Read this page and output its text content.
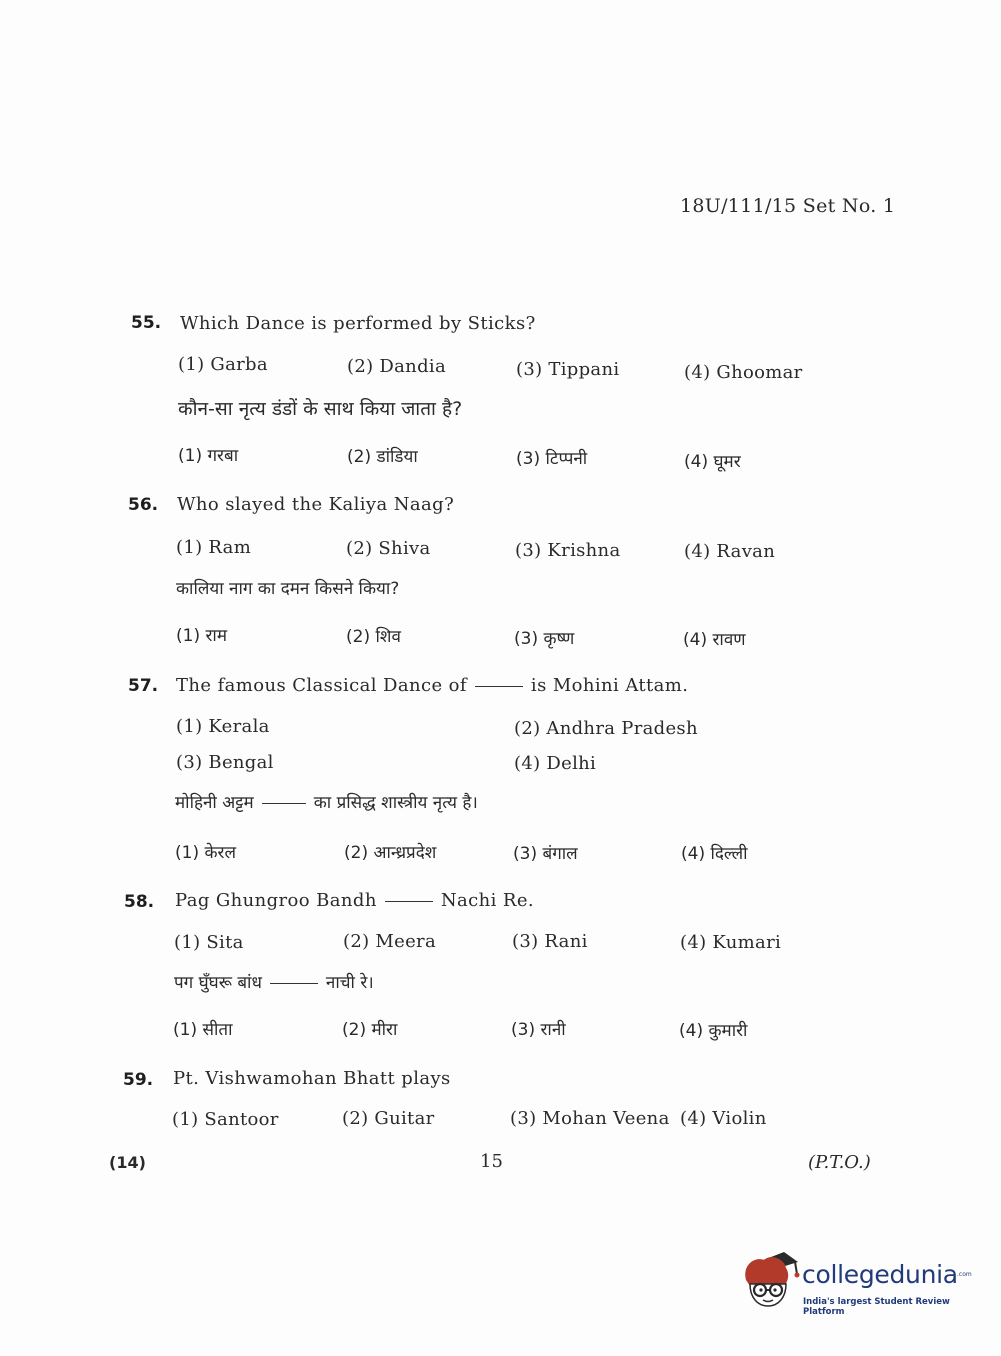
18U/111/15 Set No. 1
55. Which Dance is performed by Sticks?
(1) Garba	(2) Dandia	(3) Tippani	(4) Ghoomar
कौन-सा नृत्य डंडों के साथ किया जाता है?
(1) गरबा	(2) डांडिया	(3) टिप्पनी	(4) घूमर
56. Who slayed the Kaliya Naag?
(1) Ram	(2) Shiva	(3) Krishna	(4) Ravan
कालिया नाग का दमन किसने किया?
(1) राम	(2) शिव	(3) कृष्ण	(4) रावण
57. The famous Classical Dance of	is Mohini Attam.
(1) Kerala	(2) Andhra Pradesh
(3) Bengal	(4) Delhi
मोहिनी अट्टम	का प्रसिद्ध शास्त्रीय नृत्य है।
(1) केरल	(2) आन्ध्रप्रदेश	(3) बंगाल	(4) दिल्ली
58. Pag Ghungroo Bandh	Nachi Re.
(1) Sita	(2) Meera	(3) Rani	(4) Kumari
पग घुँघरू बांध	नाची रे।
(1) सीता	(2) मीरा	(3) रानी	(4) कुमारी
59. Pt. Vishwamohan Bhatt plays
(1) Santoor	(2) Guitar	(3) Mohan Veena (4) Violin
(14)	15	(P.T.O.)
collegedunia .com
India's largest Student Review Platform
